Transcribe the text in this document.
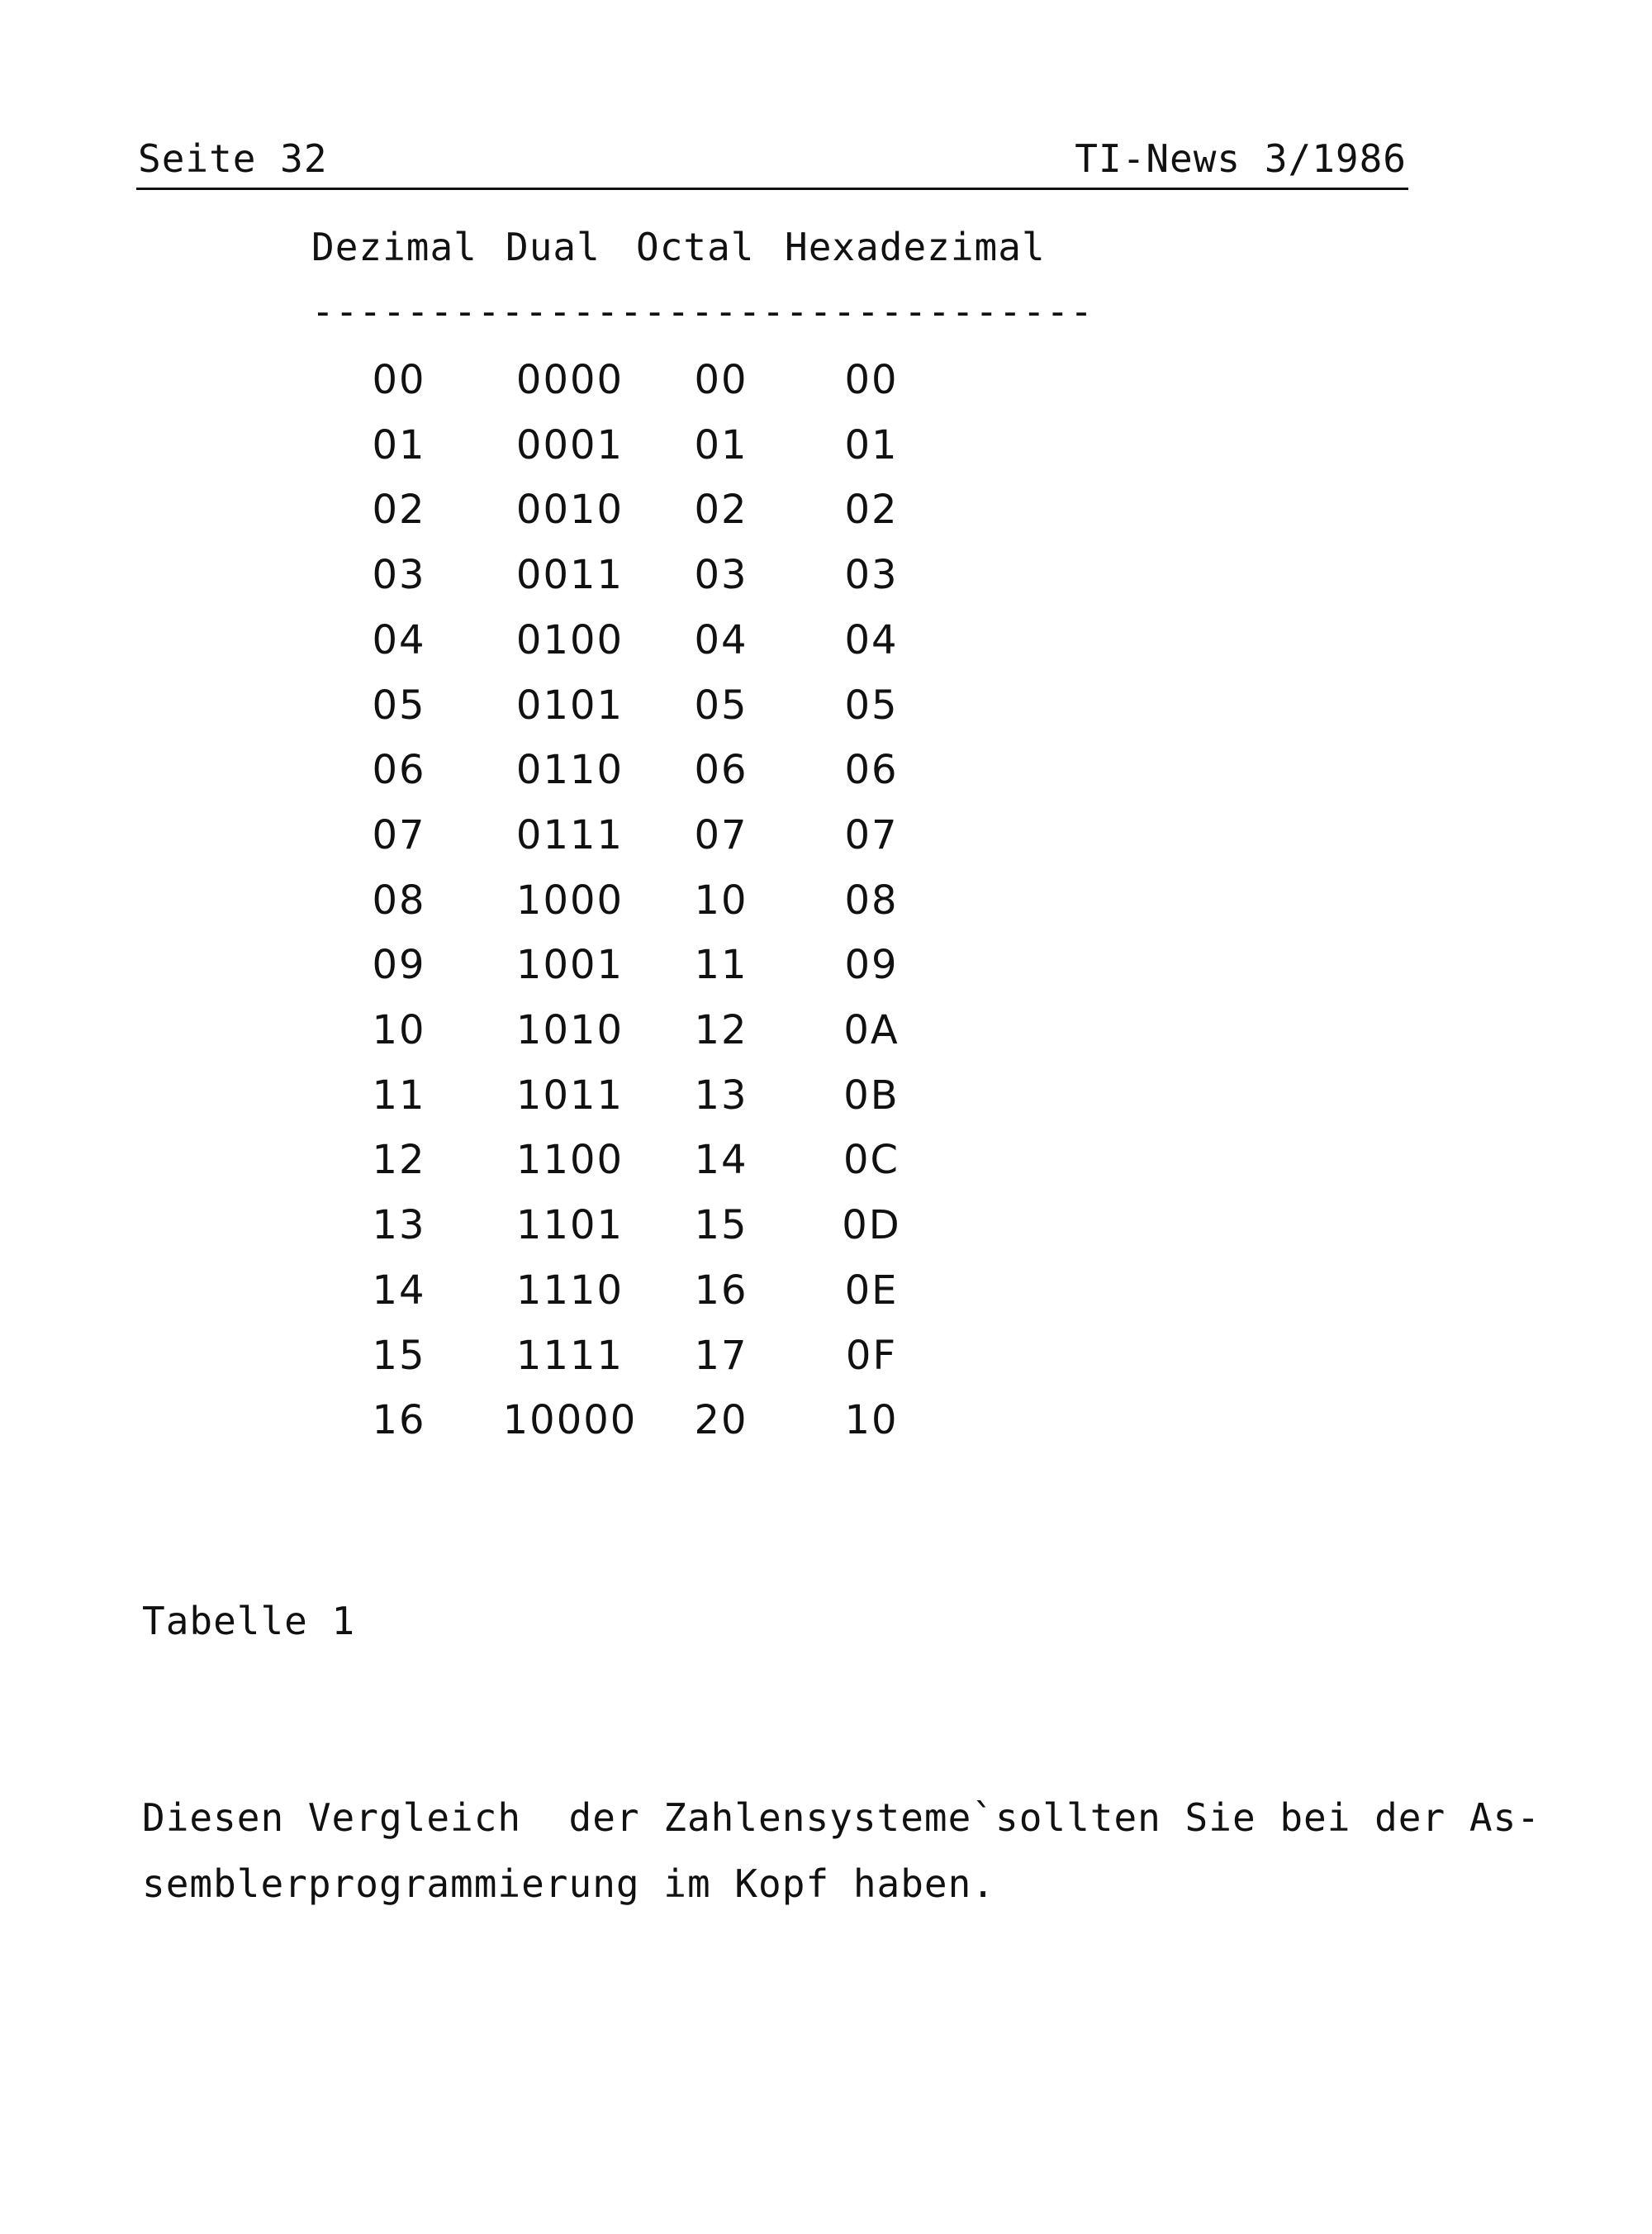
Seite 32	TI-News 3/1986
Dezimal Dual Octal Hexadezimal
---------------------------------
00	0000	00	00
01	0001	01	01
02	0010	02	02
03	0011	03	03
04	0100	04	04
05	0101	05	05
06	0110	06	06
07	0111	07	07
08	1000	10	08
09	1001	11	09
10	1010	12	0A
11	1011	13	0B
12	1100	14	0C
13	1101	15	0D
14	1110	16	0E
15	1111	17	0F
16	10000	20	10
Tabelle 1
Diesen Vergleich  der Zahlensysteme`sollten Sie bei der As-
semblerprogrammierung im Kopf haben.
